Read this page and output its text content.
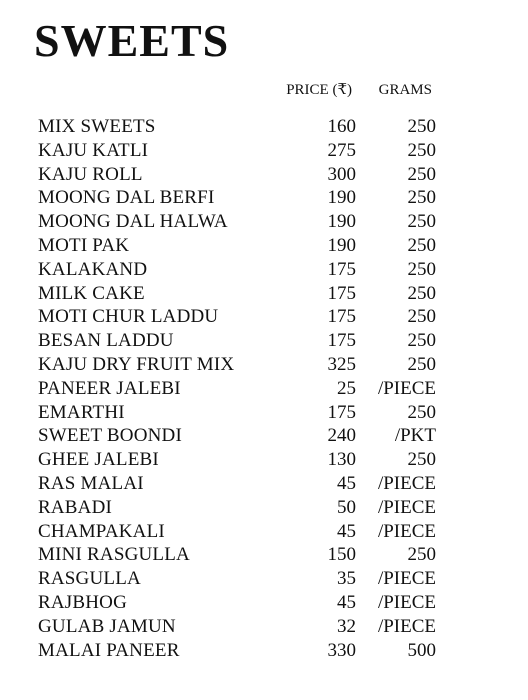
SWEETS
PRICE (₹) GRAMS
MIX SWEETS	160	250
KAJU KATLI	275	250
KAJU ROLL	300	250
MOONG DAL BERFI	190	250
MOONG DAL HALWA	190	250
MOTI PAK	190	250
KALAKAND	175	250
MILK CAKE	175	250
MOTI CHUR LADDU	175	250
BESAN LADDU	175	250
KAJU DRY FRUIT MIX	325	250
PANEER JALEBI	25 /PIECE
EMARTHI	175	250
SWEET BOONDI	240 /PKT
GHEE JALEBI	130	250
RAS MALAI	45 /PIECE
RABADI	50 /PIECE
CHAMPAKALI	45 /PIECE
MINI RASGULLA	150	250
RASGULLA	35 /PIECE
RAJBHOG	45 /PIECE
GULAB JAMUN	32 /PIECE
MALAI PANEER	330	500
